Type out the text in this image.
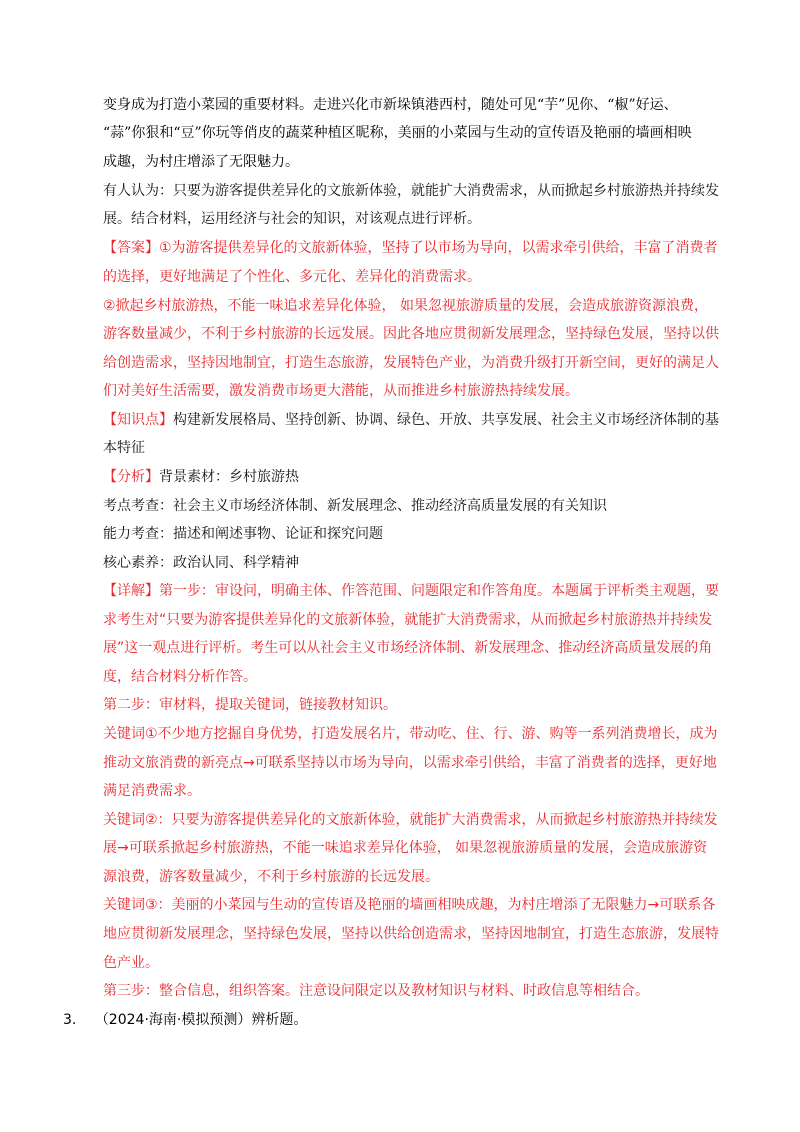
变身成为打造小菜园的重要材料。走进兴化市新垛镇港西村，随处可见“芋”见你、“椒”好运、
“蒜”你狠和“豆”你玩等俏皮的蔬菜种植区昵称，美丽的小菜园与生动的宣传语及艳丽的墙画相映
成趣，为村庄增添了无限魅力。
有人认为：只要为游客提供差异化的文旅新体验，就能扩大消费需求，从而掀起乡村旅游热并持续发
展。结合材料，运用经济与社会的知识，对该观点进行评析。
【答案】①为游客提供差异化的文旅新体验，坚持了以市场为导向，以需求牵引供给，丰富了消费者
的选择，更好地满足了个性化、多元化、差异化的消费需求。
②掀起乡村旅游热，不能一味追求差异化体验， 如果忽视旅游质量的发展，会造成旅游资源浪费，
游客数量减少，不利于乡村旅游的长远发展。因此各地应贯彻新发展理念，坚持绿色发展，坚持以供
给创造需求，坚持因地制宜，打造生态旅游，发展特色产业，为消费升级打开新空间，更好的满足人
们对美好生活需要，激发消费市场更大潜能，从而推进乡村旅游热持续发展。
【知识点】构建新发展格局、坚持创新、协调、绿色、开放、共享发展、社会主义市场经济体制的基
本特征
【分析】背景素材：乡村旅游热
考点考查：社会主义市场经济体制、新发展理念、推动经济高质量发展的有关知识
能力考查：描述和阐述事物、论证和探究问题
核心素养：政治认同、科学精神
【详解】第一步：审设问，明确主体、作答范围、问题限定和作答角度。本题属于评析类主观题，要
求考生对“只要为游客提供差异化的文旅新体验，就能扩大消费需求，从而掀起乡村旅游热并持续发
展”这一观点进行评析。考生可以从社会主义市场经济体制、新发展理念、推动经济高质量发展的角
度，结合材料分析作答。
第二步：审材料，提取关键词，链接教材知识。
关键词①不少地方挖掘自身优势，打造发展名片，带动吃、住、行、游、购等一系列消费增长，成为
推动文旅消费的新亮点→可联系坚持以市场为导向，以需求牵引供给，丰富了消费者的选择，更好地
满足消费需求。
关键词②：只要为游客提供差异化的文旅新体验，就能扩大消费需求，从而掀起乡村旅游热并持续发
展→可联系掀起乡村旅游热，不能一味追求差异化体验， 如果忽视旅游质量的发展，会造成旅游资
源浪费，游客数量减少，不利于乡村旅游的长远发展。
关键词③：美丽的小菜园与生动的宣传语及艳丽的墙画相映成趣，为村庄增添了无限魅力→可联系各
地应贯彻新发展理念，坚持绿色发展，坚持以供给创造需求，坚持因地制宜，打造生态旅游，发展特
色产业。
第三步：整合信息，组织答案。注意设问限定以及教材知识与材料、时政信息等相结合。
3. （2024·海南·模拟预测）辨析题。
